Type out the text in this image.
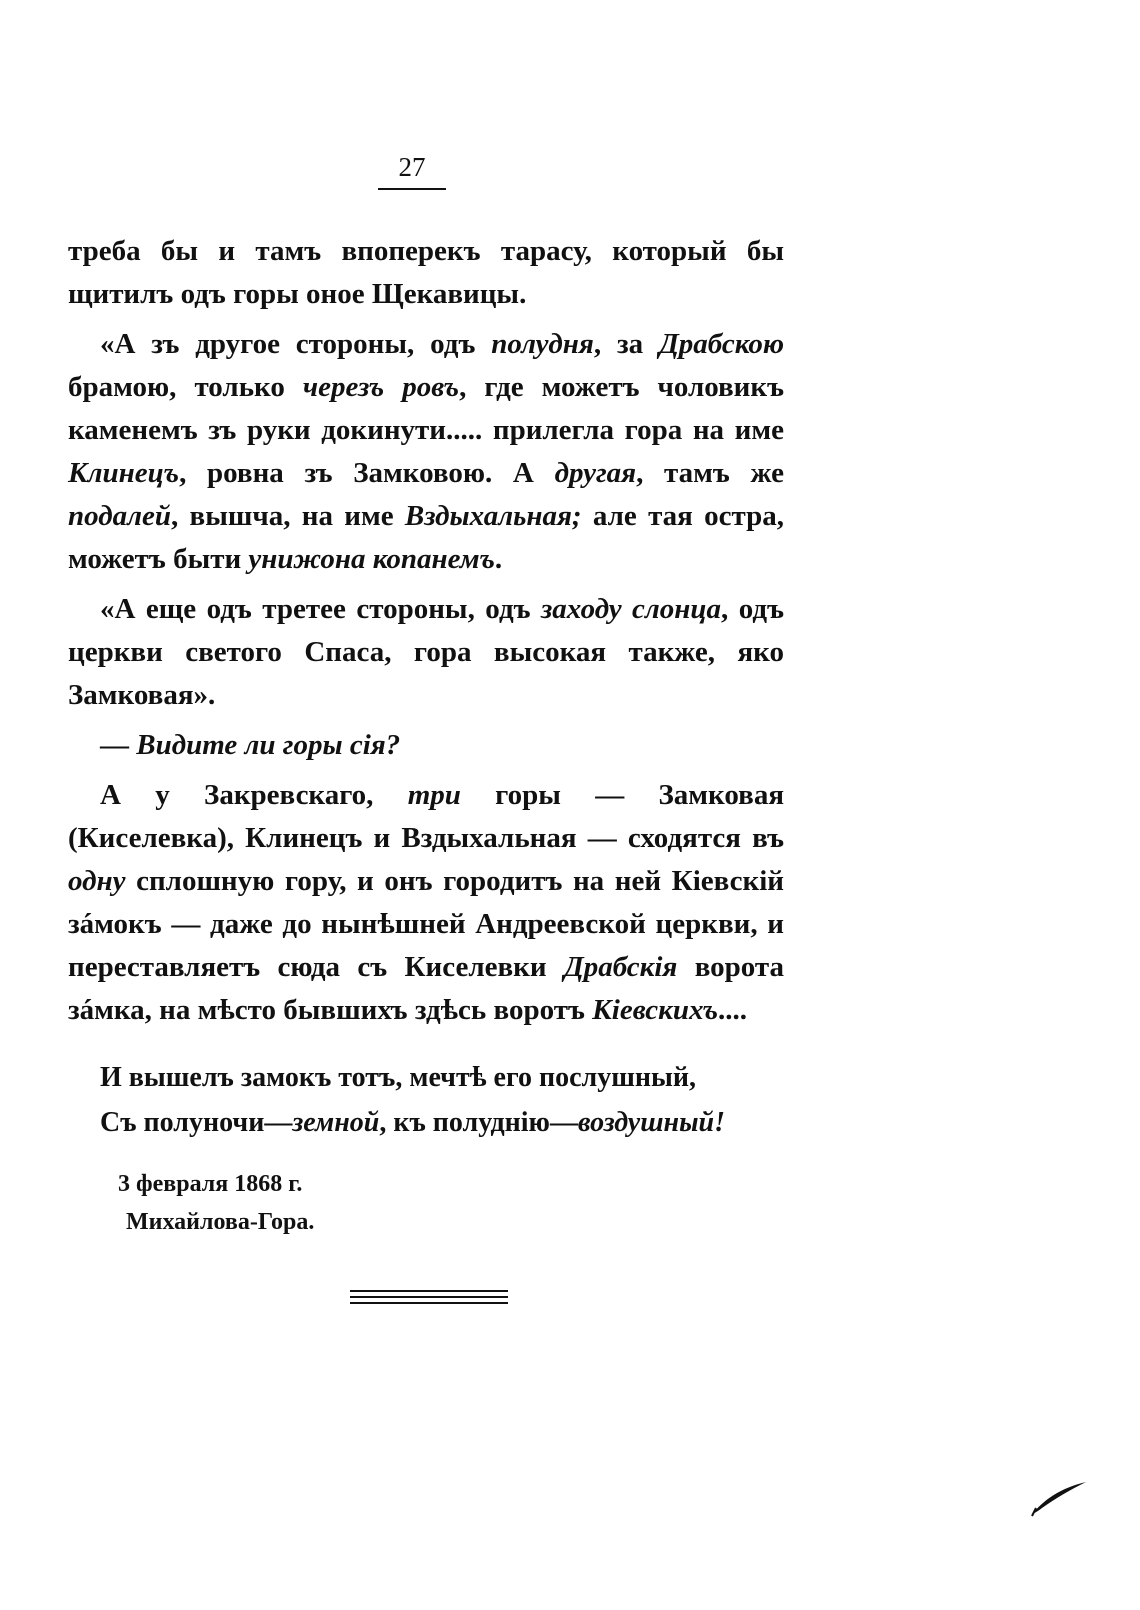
27

треба бы и тамъ впоперекъ тарасу, который бы щитилъ одъ горы оное Щекавицы.

«А зъ другое стороны, одъ полудня, за Драбскою брамою, только черезъ ровъ, где можетъ чоловикъ каменемъ зъ руки докинути..... прилегла гора на име Клинецъ, ровна зъ Замковою. А другая, тамъ же подалей, вышча, на име Вздыхальная; але тая остра, можетъ быти унижона копанемъ.

«А еще одъ третее стороны, одъ заходу слонца, одъ церкви светого Спаса, гора высокая также, яко Замковая».

— Видите ли горы сія?

А у Закревскаго, три горы — Замковая (Киселевка), Клинецъ и Вздыхальная — сходятся въ одну сплошную гору, и онъ городитъ на ней Кіевскій зáмокъ — даже до нынѣшней Андреевской церкви, и переставляетъ сюда съ Киселевки Драбскія ворота зáмка, на мѣсто бывшихъ здѣсь воротъ Кіевскихъ....

И вышелъ замокъ тотъ, мечтѣ его послушный,
Съ полуночи—земной, къ полуднію—воздушный!
3 февраля 1868 г.
Михайлова-Гора.
